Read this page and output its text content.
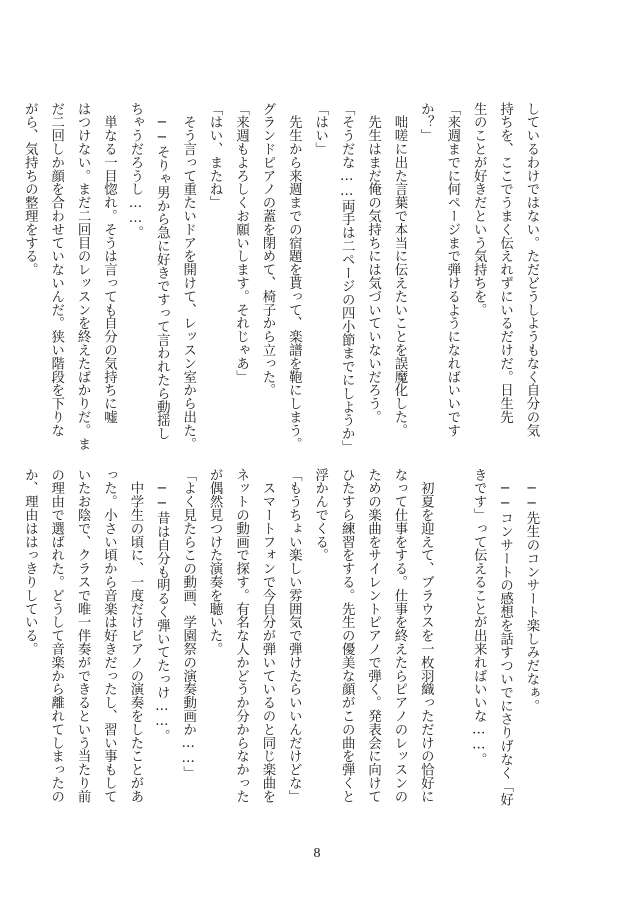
しているわけではない。ただどうしようもなく自分の気

持ちを、ここでうまく伝えれずにいるだけだ。日生先

生のことが好きだという気持ちを。

「来週までに何ページまで弾けるようになればいいです

か？」

　咄嗟に出た言葉で本当に伝えたいことを誤魔化した。

　先生はまだ俺の気持ちには気づいていないだろう。

「そうだな……両手は二ページの四小節までにしようか」

「はい」

　先生から来週までの宿題を貰って、楽譜を鞄にしまう。

グランドピアノの蓋を閉めて、椅子から立った。

「来週もよろしくお願いします。それじゃあ」

「はい、またね」

　そう言って重たいドアを開けて、レッスン室から出た。

　──そりゃ男から急に好きですって言われたら動揺し

ちゃうだろうし……。

　単なる一目惚れ。そうは言っても自分の気持ちに嘘

はつけない。まだ二回目のレッスンを終えたばかりだ。ま

だ二回しか顔を合わせていないんだ。狭い階段を下りな

がら、気持ちの整理をする。

　──先生のコンサート楽しみだなぁ。

　──コンサートの感想を話すついでにさりげなく「好

きです」って伝えることが出来ればいいな……。

　初夏を迎えて、ブラウスを一枚羽織っただけの恰好に

なって仕事をする。仕事を終えたらピアノのレッスンの

ための楽曲をサイレントピアノで弾く。発表会に向けて

ひたすら練習をする。先生の優美な顔がこの曲を弾くと

浮かんでくる。

「もうちょい楽しい雰囲気で弾けたらいいんだけどな」

　スマートフォンで今自分が弾いているのと同じ楽曲を

ネットの動画で探す。有名な人かどうか分からなかった

が偶然見つけた演奏を聴いた。

「よく見たらこの動画、学園祭の演奏動画か……」

　──昔は自分も明るく弾いてたっけ……。

　中学生の頃に、一度だけピアノの演奏をしたことがあ

った。小さい頃から音楽は好きだったし、習い事もして

いたお陰で、クラスで唯一伴奏ができるという当たり前

の理由で選ばれた。どうして音楽から離れてしまったの

か、理由ははっきりしている。

8
